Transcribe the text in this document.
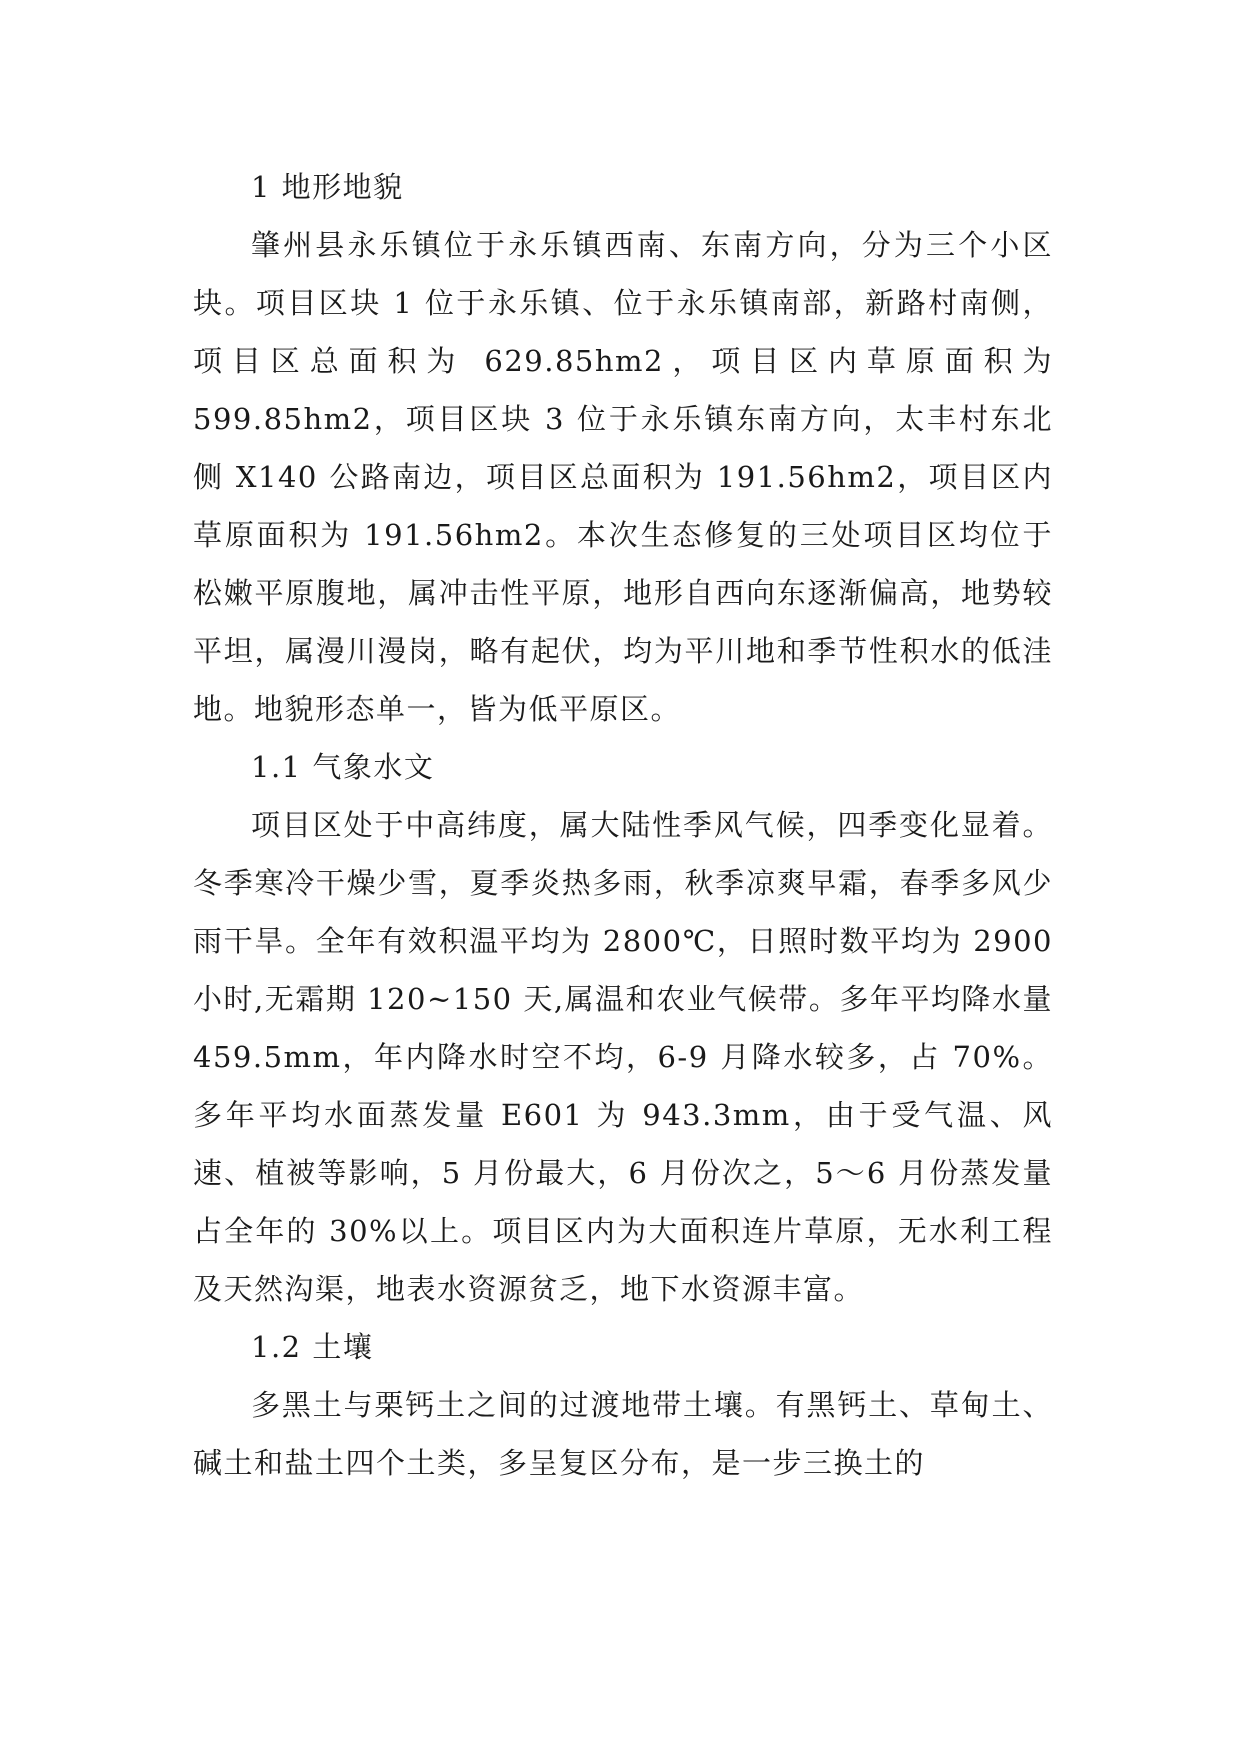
1 地形地貌

肇州县永乐镇位于永乐镇西南、东南方向，分为三个小区块。项目区块 1 位于永乐镇、位于永乐镇南部，新路村南侧，项目区总面积为 629.85hm2，项目区内草原面积为 599.85hm2，项目区块 3 位于永乐镇东南方向，太丰村东北侧 X140 公路南边，项目区总面积为 191.56hm2，项目区内草原面积为 191.56hm2。本次生态修复的三处项目区均位于松嫩平原腹地，属冲击性平原，地形自西向东逐渐偏高，地势较平坦，属漫川漫岗，略有起伏，均为平川地和季节性积水的低洼地。地貌形态单一，皆为低平原区。

1.1 气象水文

项目区处于中高纬度，属大陆性季风气候，四季变化显着。冬季寒冷干燥少雪，夏季炎热多雨，秋季凉爽早霜，春季多风少雨干旱。全年有效积温平均为 2800℃，日照时数平均为 2900 小时,无霜期 120~150 天,属温和农业气候带。多年平均降水量 459.5mm，年内降水时空不均，6-9 月降水较多，占 70%。多年平均水面蒸发量 E601 为 943.3mm，由于受气温、风速、植被等影响，5 月份最大，6 月份次之，5～6 月份蒸发量占全年的 30%以上。项目区内为大面积连片草原，无水利工程及天然沟渠，地表水资源贫乏，地下水资源丰富。

1.2 土壤

多黑土与栗钙土之间的过渡地带土壤。有黑钙土、草甸土、碱土和盐土四个土类，多呈复区分布，是一步三换土的
